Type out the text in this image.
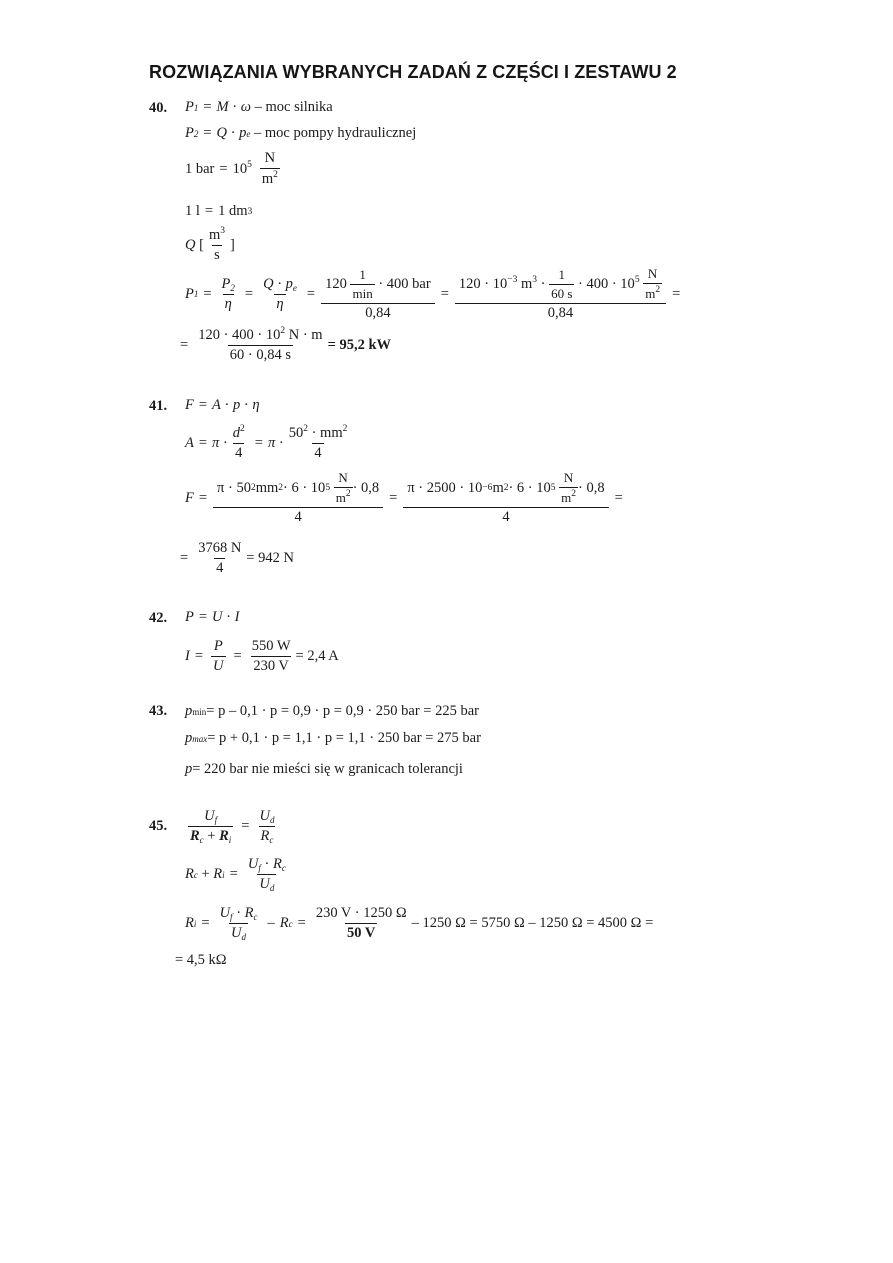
ROZWIĄZANIA WYBRANYCH ZADAŃ Z CZĘŚCI I ZESTAWU 2
40. P 1 = M · ω
– moc silnika
P 2 = Q · p e
– moc pompy hydraulicznej
1 bar = $10^5 \frac{N}{m^2}$
1 l = 1 dm 3
Q [ $\frac{m^3}{s}$ ]
P $1 = \frac{P_2}{\eta} = \frac{Q \cdot p_e}{\eta} = 120$
$\frac{1}{\min}$
· 400 bar
$0,84 = 120 \cdot 10^{-3}$ $m^3$ ·
$\frac{1}{60 s}$
· $400 \cdot 10^5$
$\frac{N}{m^2}$
0,84 =
= $\frac{120 \cdot 400 \cdot 10^2 N \cdot m}{60 \cdot 0,84 s} = 95,2$ kW
41. F = A · p · η
$A = \pi \cdot \frac{d^2}{4} = \pi \cdot \frac{50^2 \cdot mm^2}{4}$
F = π · 50 2 mm 2 · 6 · 10 5
$\frac{N}{m^2} \cdot 0,8$
4 = π · 2500 · 10 −6 m 2 · 6 · 10 5
$\frac{N}{m^2} \cdot 0,8$
4 =
= $\frac{3768 N}{4} = 942$ N
42. P = U · I
$I = \frac{P}{U} = \frac{550 W}{230 V} = 2,4$ A
43. p min = p – 0,1 · p = 0,9 · p = 0,9 · 250 bar = 225 bar
p max = p + 0,1 · p = 1,1 · p = 1,1 · 250 bar = 275 bar
p = 220 bar nie mieści się w granicach tolerancji
45. $\frac{U_f}{R_c + R_i} = \frac{U_d}{R_c}$
R c + R $i = \frac{U_f \cdot R_c}{U_d}$
R $i = \frac{U_f \cdot R_c}{U_d} - R$ $c = \frac{230 V \cdot 1250 \Omega}{50 V} - 1250$ Ω = 5750 Ω – 1250 Ω = 4500 Ω =
= 4,5 kΩ
